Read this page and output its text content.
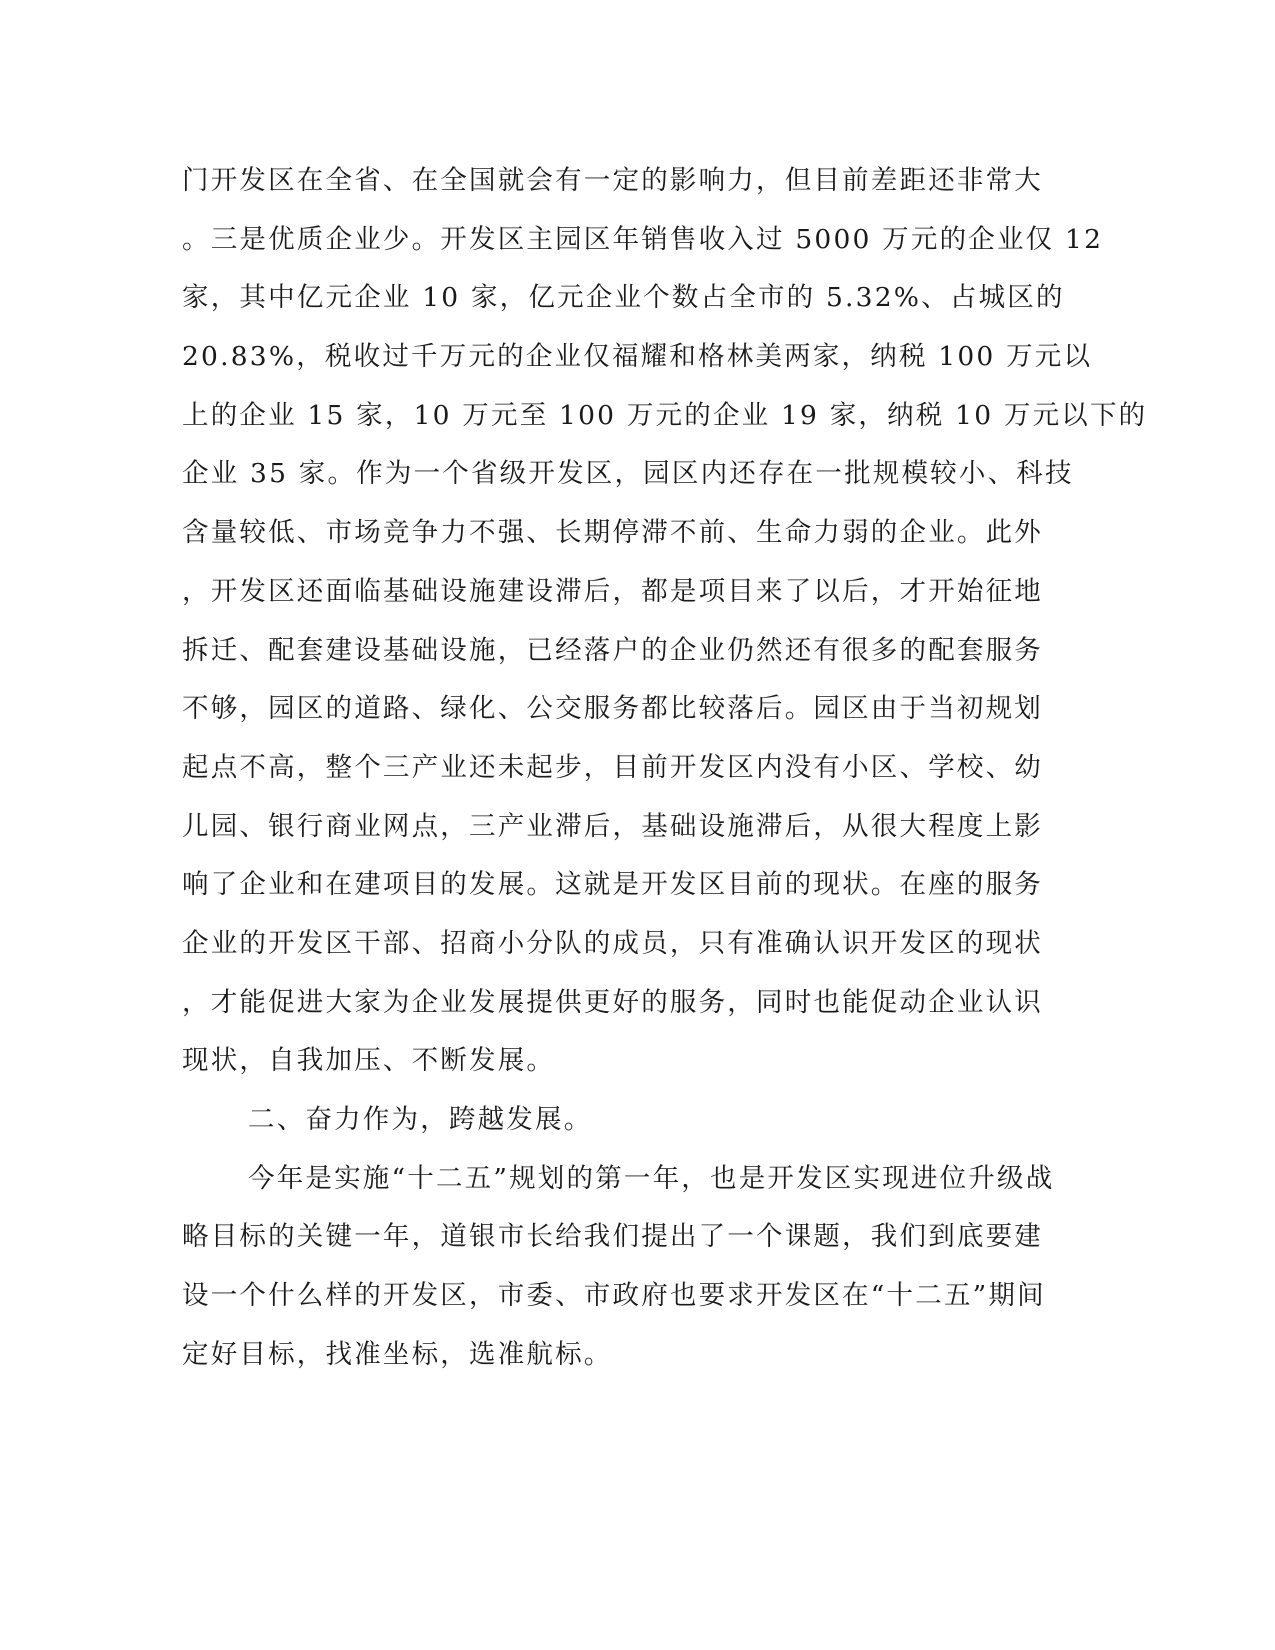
门开发区在全省、在全国就会有一定的影响力，但目前差距还非常大
。三是优质企业少。开发区主园区年销售收入过 5000 万元的企业仅 12
家，其中亿元企业 10 家，亿元企业个数占全市的 5.32%、占城区的
20.83%，税收过千万元的企业仅福耀和格林美两家，纳税 100 万元以
上的企业 15 家，10 万元至 100 万元的企业 19 家，纳税 10 万元以下的
企业 35 家。作为一个省级开发区，园区内还存在一批规模较小、科技
含量较低、市场竞争力不强、长期停滞不前、生命力弱的企业。此外
，开发区还面临基础设施建设滞后，都是项目来了以后，才开始征地
拆迁、配套建设基础设施，已经落户的企业仍然还有很多的配套服务
不够，园区的道路、绿化、公交服务都比较落后。园区由于当初规划
起点不高，整个三产业还未起步，目前开发区内没有小区、学校、幼
儿园、银行商业网点，三产业滞后，基础设施滞后，从很大程度上影
响了企业和在建项目的发展。这就是开发区目前的现状。在座的服务
企业的开发区干部、招商小分队的成员，只有准确认识开发区的现状
，才能促进大家为企业发展提供更好的服务，同时也能促动企业认识
现状，自我加压、不断发展。
二、奋力作为，跨越发展。
今年是实施“十二五”规划的第一年，也是开发区实现进位升级战
略目标的关键一年，道银市长给我们提出了一个课题，我们到底要建
设一个什么样的开发区，市委、市政府也要求开发区在“十二五”期间
定好目标，找准坐标，选准航标。
